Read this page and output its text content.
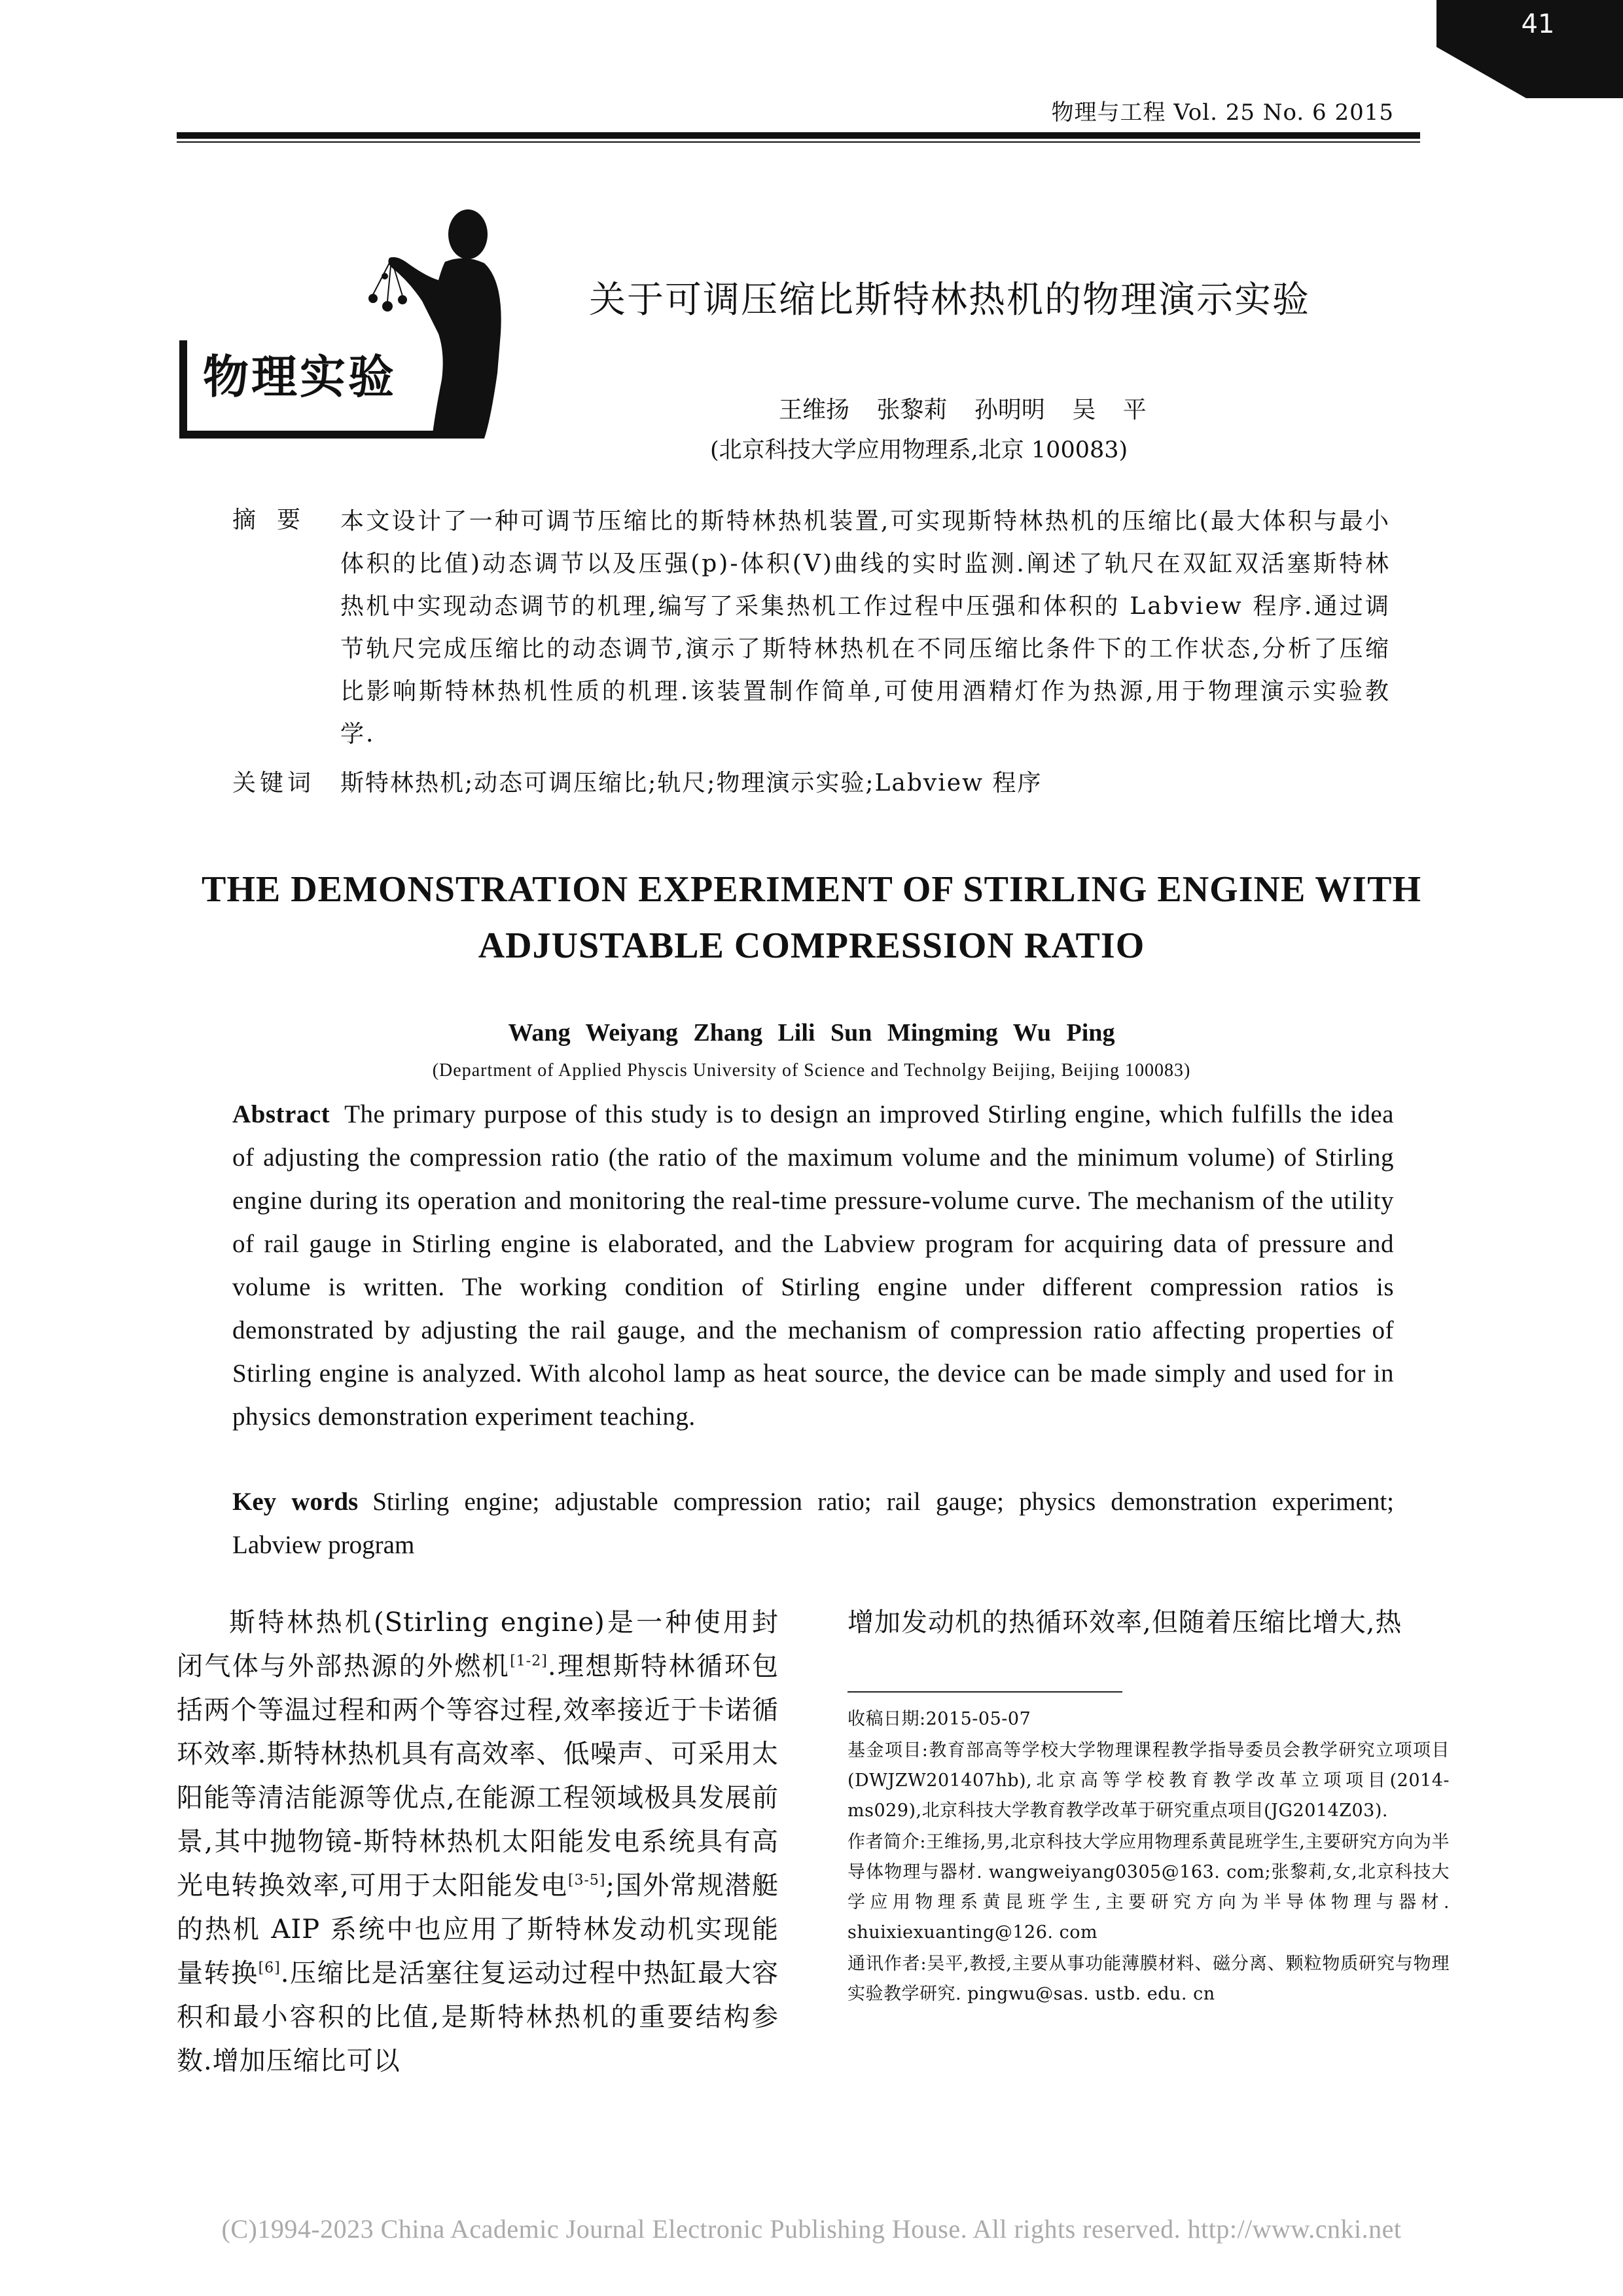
41
物理与工程 Vol. 25 No. 6 2015
物理实验
关于可调压缩比斯特林热机的物理演示实验
王维扬 张黎莉 孙明明 吴 平
(北京科技大学应用物理系,北京 100083)
摘要 本文设计了一种可调节压缩比的斯特林热机装置,可实现斯特林热机的压缩比(最大体积与最小体积的比值)动态调节以及压强(p)-体积(V)曲线的实时监测.阐述了轨尺在双缸双活塞斯特林热机中实现动态调节的机理,编写了采集热机工作过程中压强和体积的 Labview 程序.通过调节轨尺完成压缩比的动态调节,演示了斯特林热机在不同压缩比条件下的工作状态,分析了压缩比影响斯特林热机性质的机理.该装置制作简单,可使用酒精灯作为热源,用于物理演示实验教学.
关键词 斯特林热机;动态可调压缩比;轨尺;物理演示实验;Labview 程序
THE DEMONSTRATION EXPERIMENT OF STIRLING ENGINE WITH ADJUSTABLE COMPRESSION RATIO
Wang Weiyang Zhang Lili Sun Mingming Wu Ping
(Department of Applied Physcis University of Science and Technolgy Beijing, Beijing 100083)
Abstract The primary purpose of this study is to design an improved Stirling engine, which fulfills the idea of adjusting the compression ratio (the ratio of the maximum volume and the minimum volume) of Stirling engine during its operation and monitoring the real-time pressure-volume curve. The mechanism of the utility of rail gauge in Stirling engine is elaborated, and the Labview program for acquiring data of pressure and volume is written. The working condition of Stirling engine under different compression ratios is demonstrated by adjusting the rail gauge, and the mechanism of compression ratio affecting properties of Stirling engine is analyzed. With alcohol lamp as heat source, the device can be made simply and used for in physics demonstration experiment teaching.
Key words Stirling engine; adjustable compression ratio; rail gauge; physics demonstration experiment; Labview program

斯特林热机(Stirling engine)是一种使用封闭气体与外部热源的外燃机[1-2].理想斯特林循环包括两个等温过程和两个等容过程,效率接近于卡诺循环效率.斯特林热机具有高效率、低噪声、可采用太阳能等清洁能源等优点,在能源工程领域极具发展前景,其中抛物镜-斯特林热机太阳能发电系统具有高光电转换效率,可用于太阳能发电[3-5];国外常规潜艇的热机 AIP 系统中也应用了斯特林发动机实现能量转换[6].压缩比是活塞往复运动过程中热缸最大容积和最小容积的比值,是斯特林热机的重要结构参数.增加压缩比可以

增加发动机的热循环效率,但随着压缩比增大,热

收稿日期:2015-05-07

基金项目:教育部高等学校大学物理课程教学指导委员会教学研究立项项目(DWJZW201407hb),北京高等学校教育教学改革立项项目(2014-ms029),北京科技大学教育教学改革于研究重点项目(JG2014Z03).

作者简介:王维扬,男,北京科技大学应用物理系黄昆班学生,主要研究方向为半导体物理与器材. wangweiyang0305@163. com;张黎莉,女,北京科技大学应用物理系黄昆班学生,主要研究方向为半导体物理与器材. shuixiexuanting@126. com

通讯作者:吴平,教授,主要从事功能薄膜材料、磁分离、颗粒物质研究与物理实验教学研究. pingwu@sas. ustb. edu. cn

(C)1994-2023 China Academic Journal Electronic Publishing House. All rights reserved. http://www.cnki.net
